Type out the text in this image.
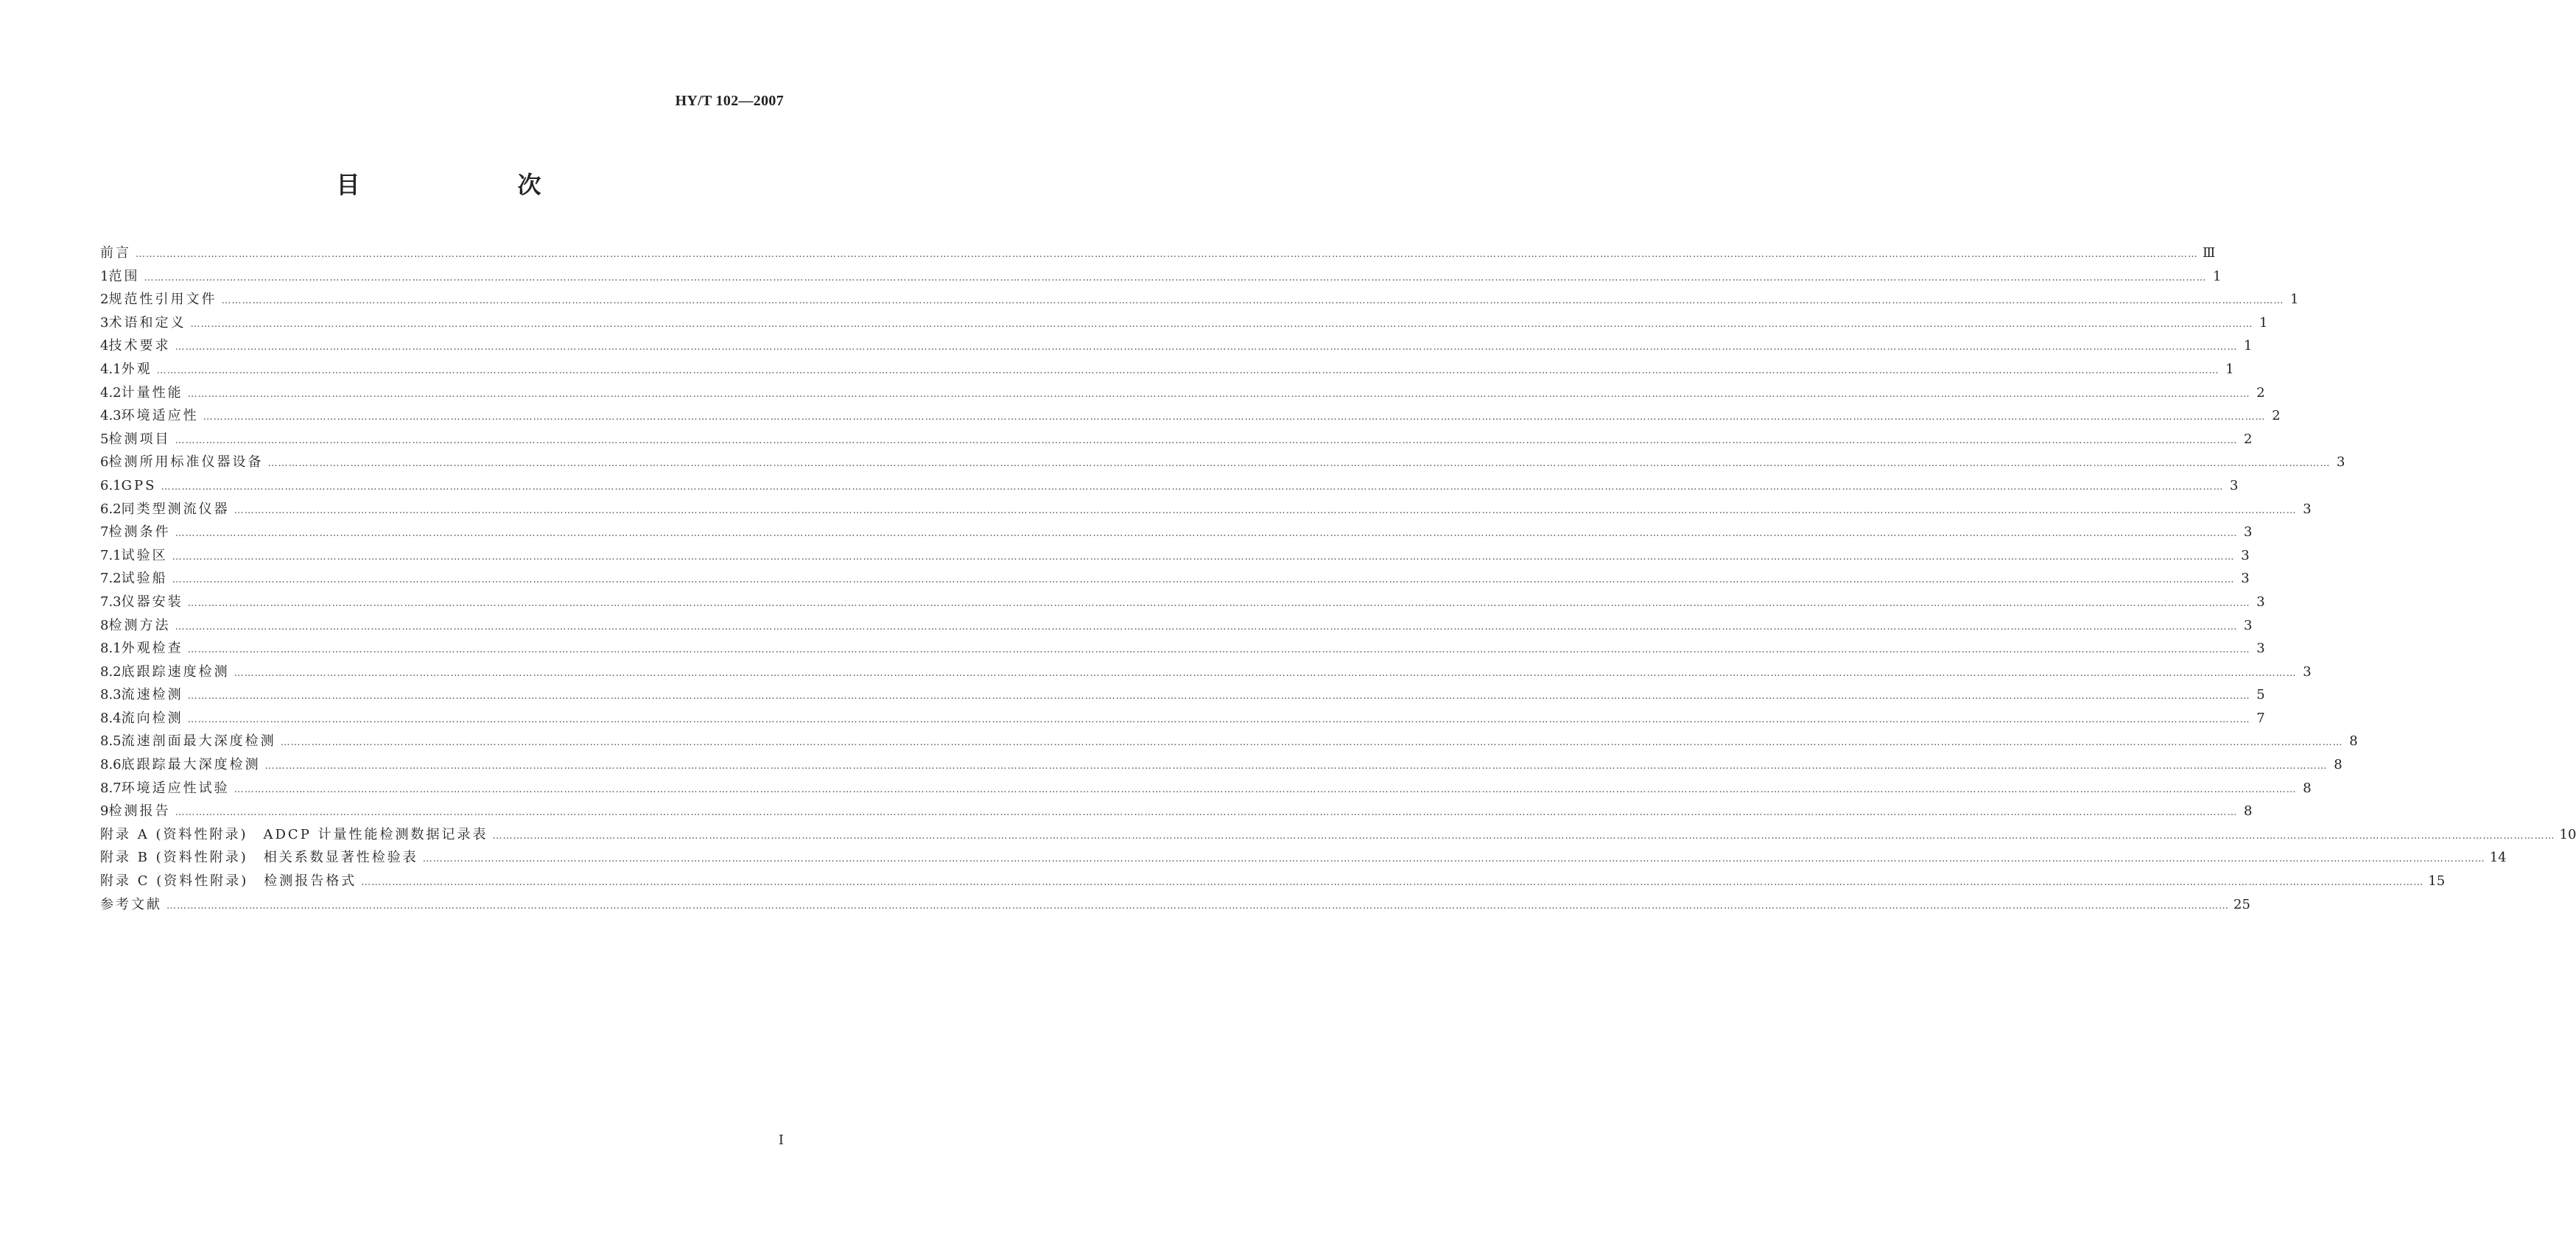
HY/T 102—2007
目　　次
前言 …………………………………………………………………………………………………………………………………………………………………………………………………………………………………………………………………………………………………………………………………………………………………………………………………………………………………………………………………………………………………………………………………………………… Ⅲ
1 范围 …………………………………………………………………………………………………………………………………………………………………………………………………………………………………………………………………………………………………………………………………………………………………………………………………………………………………………………………………………………………………………………………………………………… 1
2 规范性引用文件 …………………………………………………………………………………………………………………………………………………………………………………………………………………………………………………………………………………………………………………………………………………………………………………………………………………………………………………………………………………………………………………………………………………… 1
3 术语和定义 …………………………………………………………………………………………………………………………………………………………………………………………………………………………………………………………………………………………………………………………………………………………………………………………………………………………………………………………………………………………………………………………………………………… 1
4 技术要求 …………………………………………………………………………………………………………………………………………………………………………………………………………………………………………………………………………………………………………………………………………………………………………………………………………………………………………………………………………………………………………………………………………………… 1
4.1 外观 …………………………………………………………………………………………………………………………………………………………………………………………………………………………………………………………………………………………………………………………………………………………………………………………………………………………………………………………………………………………………………………………………………………… 1
4.2 计量性能 …………………………………………………………………………………………………………………………………………………………………………………………………………………………………………………………………………………………………………………………………………………………………………………………………………………………………………………………………………………………………………………………………………………… 2
4.3 环境适应性 …………………………………………………………………………………………………………………………………………………………………………………………………………………………………………………………………………………………………………………………………………………………………………………………………………………………………………………………………………………………………………………………………………………… 2
5 检测项目 …………………………………………………………………………………………………………………………………………………………………………………………………………………………………………………………………………………………………………………………………………………………………………………………………………………………………………………………………………………………………………………………………………………… 2
6 检测所用标准仪器设备 …………………………………………………………………………………………………………………………………………………………………………………………………………………………………………………………………………………………………………………………………………………………………………………………………………………………………………………………………………………………………………………………………………………… 3
6.1 GPS …………………………………………………………………………………………………………………………………………………………………………………………………………………………………………………………………………………………………………………………………………………………………………………………………………………………………………………………………………………………………………………………………………………… 3
6.2 同类型测流仪器 …………………………………………………………………………………………………………………………………………………………………………………………………………………………………………………………………………………………………………………………………………………………………………………………………………………………………………………………………………………………………………………………………………………… 3
7 检测条件 …………………………………………………………………………………………………………………………………………………………………………………………………………………………………………………………………………………………………………………………………………………………………………………………………………………………………………………………………………………………………………………………………………………… 3
7.1 试验区 …………………………………………………………………………………………………………………………………………………………………………………………………………………………………………………………………………………………………………………………………………………………………………………………………………………………………………………………………………………………………………………………………………………… 3
7.2 试验船 …………………………………………………………………………………………………………………………………………………………………………………………………………………………………………………………………………………………………………………………………………………………………………………………………………………………………………………………………………………………………………………………………………………… 3
7.3 仪器安装 …………………………………………………………………………………………………………………………………………………………………………………………………………………………………………………………………………………………………………………………………………………………………………………………………………………………………………………………………………………………………………………………………………………… 3
8 检测方法 …………………………………………………………………………………………………………………………………………………………………………………………………………………………………………………………………………………………………………………………………………………………………………………………………………………………………………………………………………………………………………………………………………………… 3
8.1 外观检查 …………………………………………………………………………………………………………………………………………………………………………………………………………………………………………………………………………………………………………………………………………………………………………………………………………………………………………………………………………………………………………………………………………………… 3
8.2 底跟踪速度检测 …………………………………………………………………………………………………………………………………………………………………………………………………………………………………………………………………………………………………………………………………………………………………………………………………………………………………………………………………………………………………………………………………………………… 3
8.3 流速检测 …………………………………………………………………………………………………………………………………………………………………………………………………………………………………………………………………………………………………………………………………………………………………………………………………………………………………………………………………………………………………………………………………………………… 5
8.4 流向检测 …………………………………………………………………………………………………………………………………………………………………………………………………………………………………………………………………………………………………………………………………………………………………………………………………………………………………………………………………………………………………………………………………………………… 7
8.5 流速剖面最大深度检测 …………………………………………………………………………………………………………………………………………………………………………………………………………………………………………………………………………………………………………………………………………………………………………………………………………………………………………………………………………………………………………………………………………………… 8
8.6 底跟踪最大深度检测 …………………………………………………………………………………………………………………………………………………………………………………………………………………………………………………………………………………………………………………………………………………………………………………………………………………………………………………………………………………………………………………………………………………… 8
8.7 环境适应性试验 …………………………………………………………………………………………………………………………………………………………………………………………………………………………………………………………………………………………………………………………………………………………………………………………………………………………………………………………………………………………………………………………………………………… 8
9 检测报告 …………………………………………………………………………………………………………………………………………………………………………………………………………………………………………………………………………………………………………………………………………………………………………………………………………………………………………………………………………………………………………………………………………………… 8
附录 A (资料性附录)　ADCP 计量性能检测数据记录表 …………………………………………………………………………………………………………………………………………………………………………………………………………………………………………………………………………………………………………………………………………………………………………………………………………………………………………………………………………………………………………………………………………………… 10
附录 B (资料性附录)　相关系数显著性检验表 …………………………………………………………………………………………………………………………………………………………………………………………………………………………………………………………………………………………………………………………………………………………………………………………………………………………………………………………………………………………………………………………………………………… 14
附录 C (资料性附录)　检测报告格式 …………………………………………………………………………………………………………………………………………………………………………………………………………………………………………………………………………………………………………………………………………………………………………………………………………………………………………………………………………………………………………………………………………………… 15
参考文献 …………………………………………………………………………………………………………………………………………………………………………………………………………………………………………………………………………………………………………………………………………………………………………………………………………………………………………………………………………………………………………………………………………………… 25
Ⅰ
